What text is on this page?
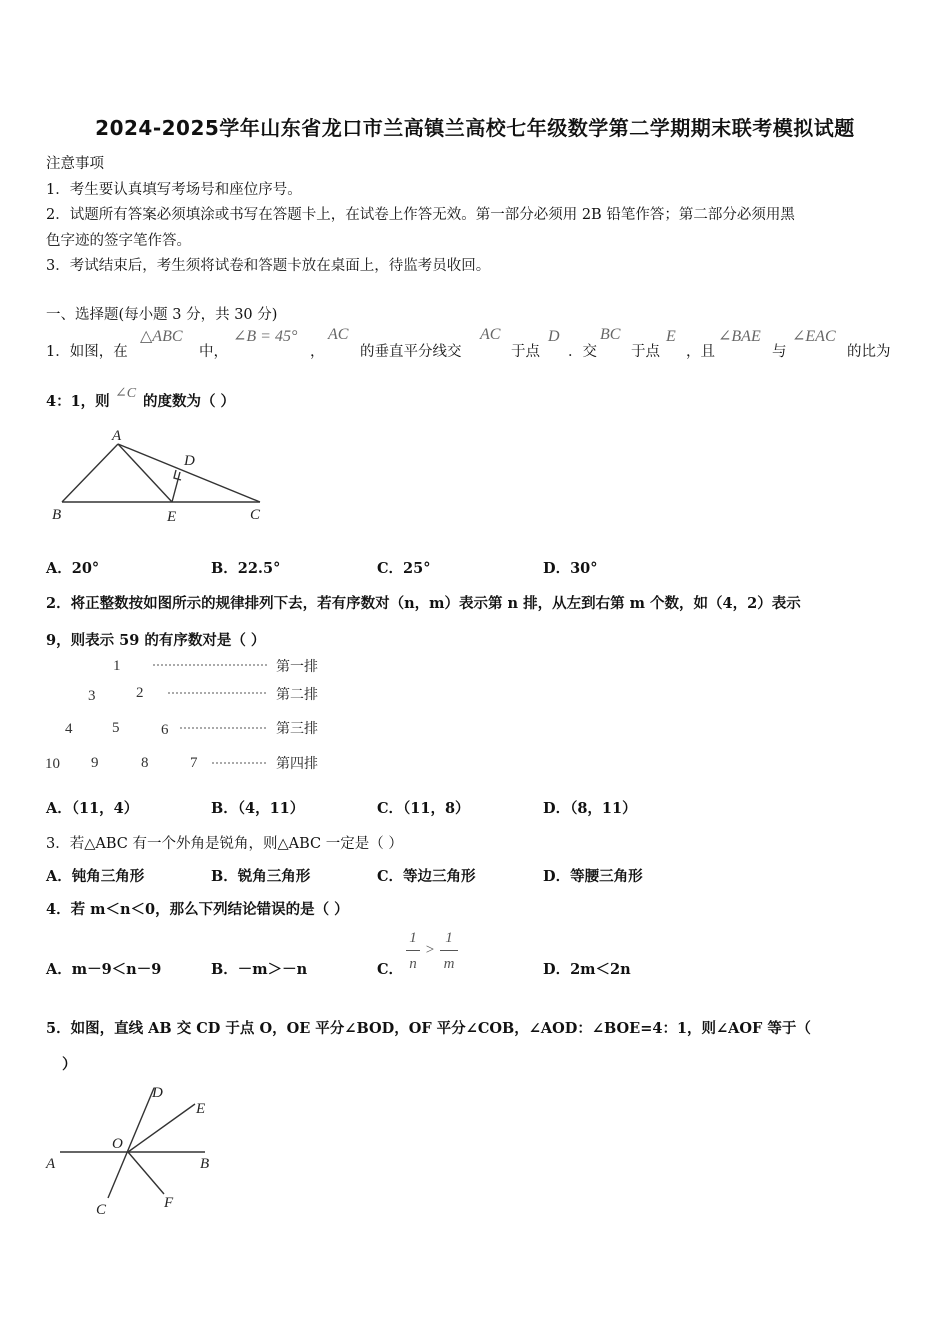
2024-2025学年山东省龙口市兰高镇兰高校七年级数学第二学期期末联考模拟试题
注意事项
1．考生要认真填写考场号和座位序号。
2．试题所有答案必须填涂或书写在答题卡上，在试卷上作答无效。第一部分必须用 2B 铅笔作答；第二部分必须用黑
色字迹的签字笔作答。
3．考试结束后，考生须将试卷和答题卡放在桌面上，待监考员收回。
一、选择题(每小题 3 分，共 30 分)
1．如图，在
△ABC
中，
∠B = 45°
，
AC
的垂直平分线交
AC
于点
D
．交
BC
于点
E
，且
∠BAE
与
∠EAC
的比为
4：1，则 ∠C 的度数为（ ）
A
B	C
D
E
A．20°	B．22.5°	C．25°	D．30°
2．将正整数按如图所示的规律排列下去，若有序数对（n，m）表示第 n 排，从左到右第 m 个数，如（4，2）表示
9，则表示 59 的有序数对是（ ）
1
3	2
4	5	6
10 9	8	7
第一排
第二排
第三排
第四排
A．（11，4）	B．（4，11）	C．（11，8）	D．（8，11）
3．若△ABC 有一个外角是锐角，则△ABC 一定是（ ）
A．钝角三角形	B．锐角三角形	C．等边三角形	D．等腰三角形
4．若 m＜n＜0，那么下列结论错误的是（ ）
A．m－9＜n－9	B．－m＞－n	C．
1
n
>
1
m	D．2m＜2n
5．如图，直线 AB 交 CD 于点 O，OE 平分∠BOD，OF 平分∠COB，∠AOD：∠BOE=4：1，则∠AOF 等于（
）
A	B
C
D
E
F
O
